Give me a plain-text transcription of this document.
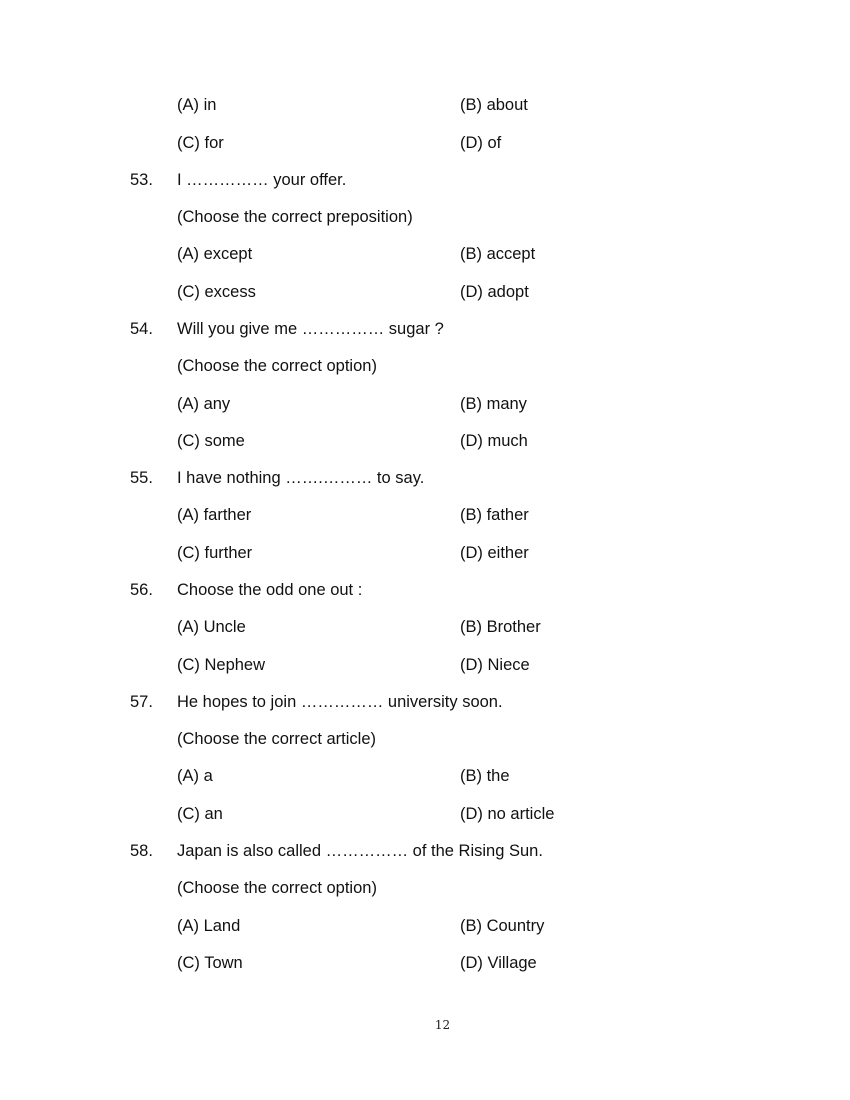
(A) in	(B) about
(C) for	(D) of
53. I …………… your offer.
(Choose the correct preposition)
(A) except	(B) accept
(C) excess	(D) adopt
54. Will you give me …………… sugar ?
(Choose the correct option)
(A) any	(B) many
(C) some	(D) much
55. I have nothing …….……… to say.
(A) farther	(B) father
(C) further	(D) either
56. Choose the odd one out :
(A) Uncle	(B) Brother
(C) Nephew	(D) Niece
57. He hopes to join …………… university soon.
(Choose the correct article)
(A) a	(B) the
(C) an	(D) no article
58. Japan is also called …………… of the Rising Sun.
(Choose the correct option)
(A) Land	(B) Country
(C) Town	(D) Village
12
